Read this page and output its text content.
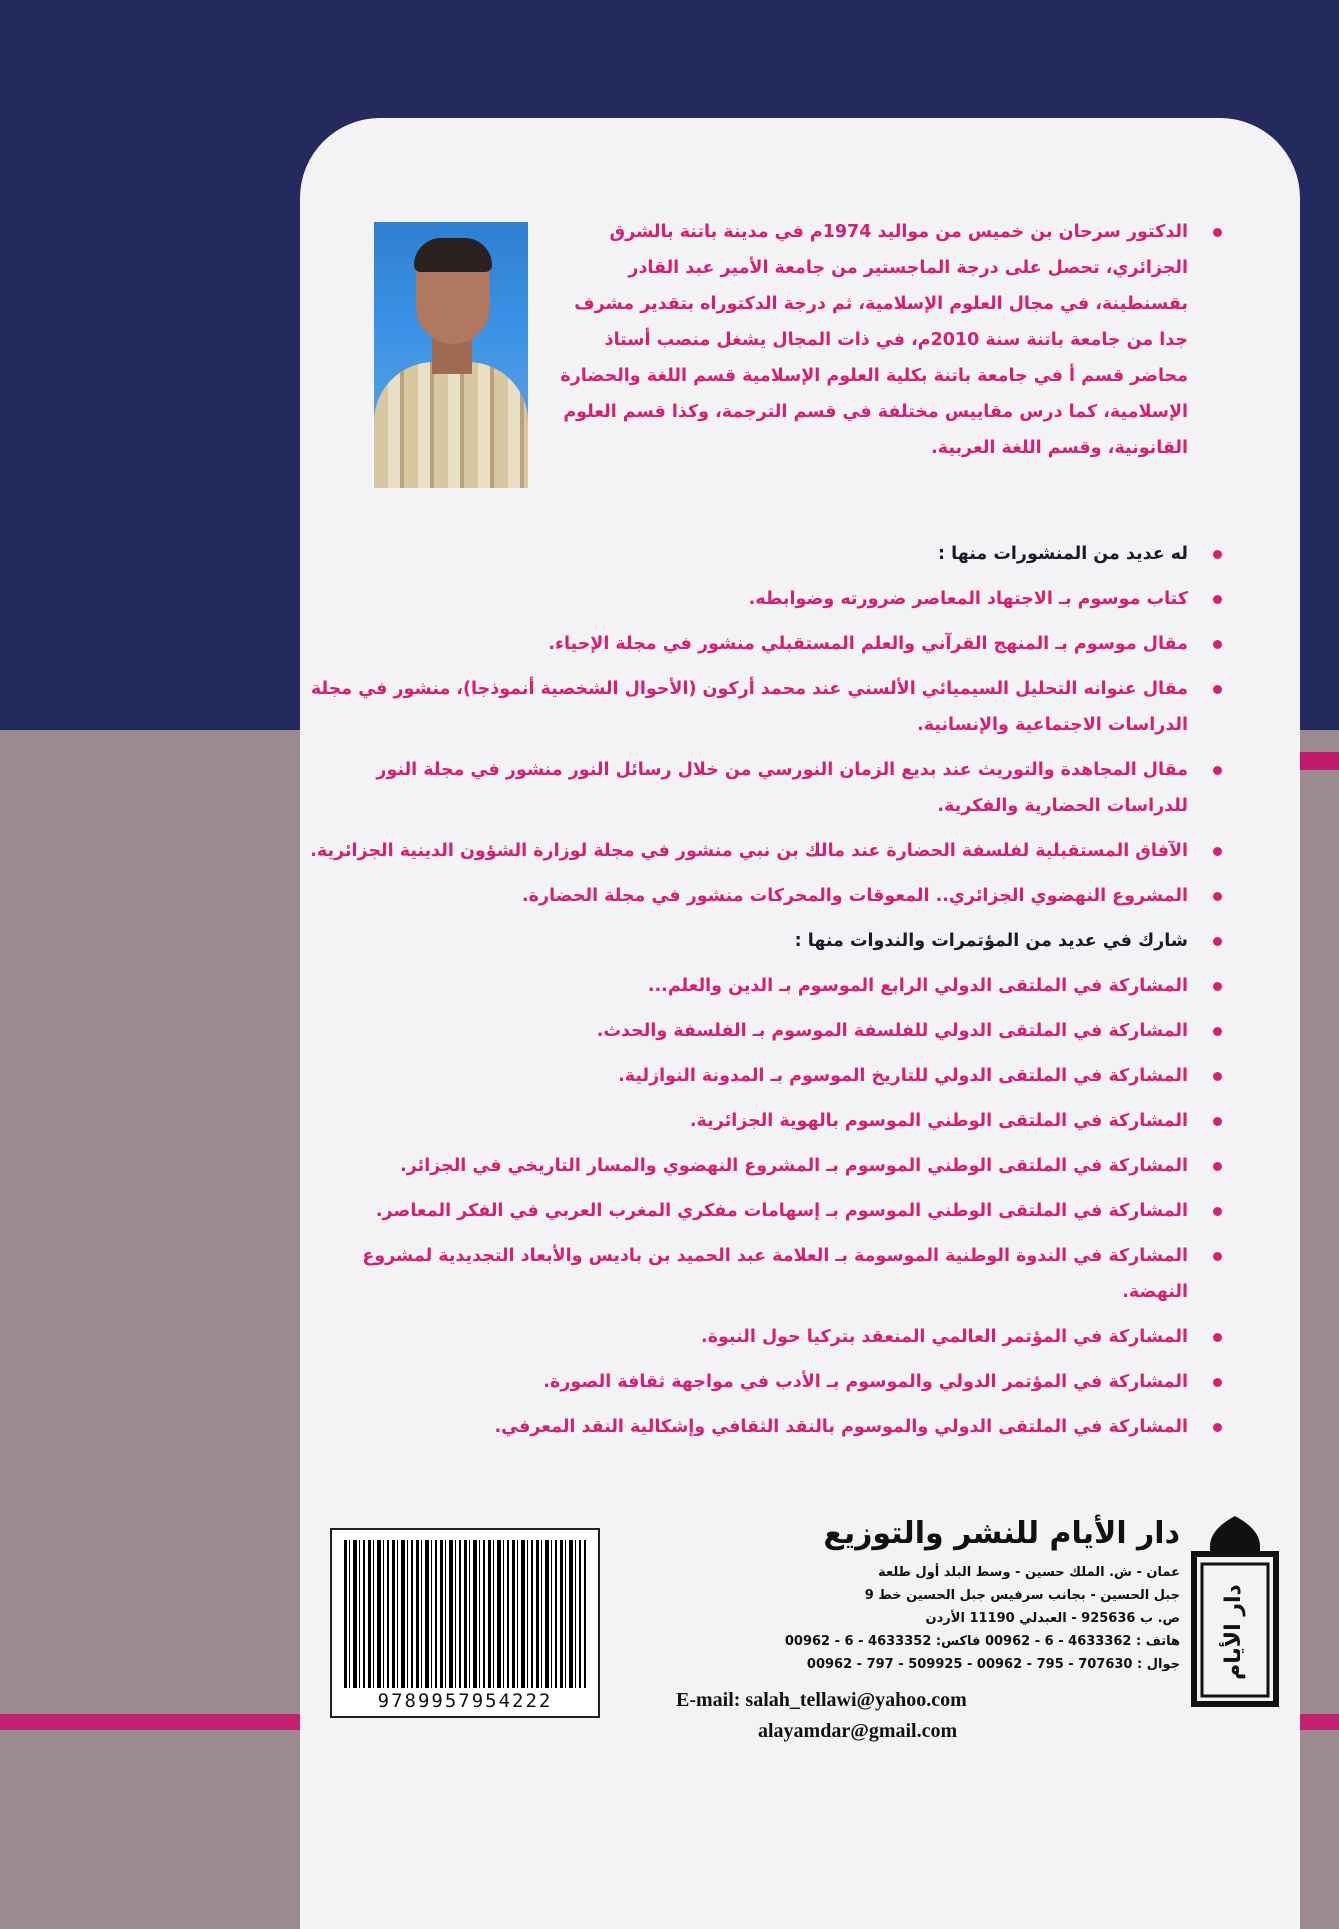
الدكتور سرحان بن خميس من مواليد 1974م في مدينة باتنة بالشرق الجزائري، تحصل على درجة الماجستير من جامعة الأمير عبد القادر بقسنطينة، في مجال العلوم الإسلامية، ثم درجة الدكتوراه بتقدير مشرف جدا من جامعة باتنة سنة 2010م، في ذات المجال يشغل منصب أستاذ محاضر قسم أ في جامعة باتنة بكلية العلوم الإسلامية قسم اللغة والحضارة الإسلامية، كما درس مقاييس مختلفة في قسم الترجمة، وكذا قسم العلوم القانونية، وقسم اللغة العربية.
له عديد من المنشورات منها :
كتاب موسوم بـ الاجتهاد المعاصر ضرورته وضوابطه.
مقال موسوم بـ المنهج القرآني والعلم المستقبلي منشور في مجلة الإحياء.
مقال عنوانه التحليل السيميائي الألسني عند محمد أركون (الأحوال الشخصية أنموذجا)، منشور في مجلة الدراسات الاجتماعية والإنسانية.
مقال المجاهدة والتوريث عند بديع الزمان النورسي من خلال رسائل النور منشور في مجلة النور للدراسات الحضارية والفكرية.
الآفاق المستقبلية لفلسفة الحضارة عند مالك بن نبي منشور في مجلة لوزارة الشؤون الدينية الجزائرية.
المشروع النهضوي الجزائري.. المعوقات والمحركات منشور في مجلة الحضارة.
شارك في عديد من المؤتمرات والندوات منها :
المشاركة في الملتقى الدولي الرابع الموسوم بـ الدين والعلم...
المشاركة في الملتقى الدولي للفلسفة الموسوم بـ الفلسفة والحدث.
المشاركة في الملتقى الدولي للتاريخ الموسوم بـ المدونة النوازلية.
المشاركة في الملتقى الوطني الموسوم بالهوية الجزائرية.
المشاركة في الملتقى الوطني الموسوم بـ المشروع النهضوي والمسار التاريخي في الجزائر.
المشاركة في الملتقى الوطني الموسوم بـ إسهامات مفكري المغرب العربي في الفكر المعاصر.
المشاركة في الندوة الوطنية الموسومة بـ العلامة عبد الحميد بن باديس والأبعاد التجديدية لمشروع النهضة.
المشاركة في المؤتمر العالمي المنعقد بتركيا حول النبوة.
المشاركة في المؤتمر الدولي والموسوم بـ الأدب في مواجهة ثقافة الصورة.
المشاركة في الملتقى الدولي والموسوم بالنقد الثقافي وإشكالية النقد المعرفي.
9789957954222

دار الأيام للنشر والتوزيع

عمان - ش. الملك حسين - وسط البلد أول طلعة

جبل الحسين - بجانب سرفيس جبل الحسين خط 9

ص. ب 925636 - العبدلي 11190 الأردن

هاتف : 4633362 - 6 - 00962 فاكس: 4633352 - 6 - 00962

جوال : 707630 - 795 - 00962 - 509925 - 797 - 00962

E-mail: salah_tellawi@yahoo.com
alayamdar@gmail.com
دار الأيام
